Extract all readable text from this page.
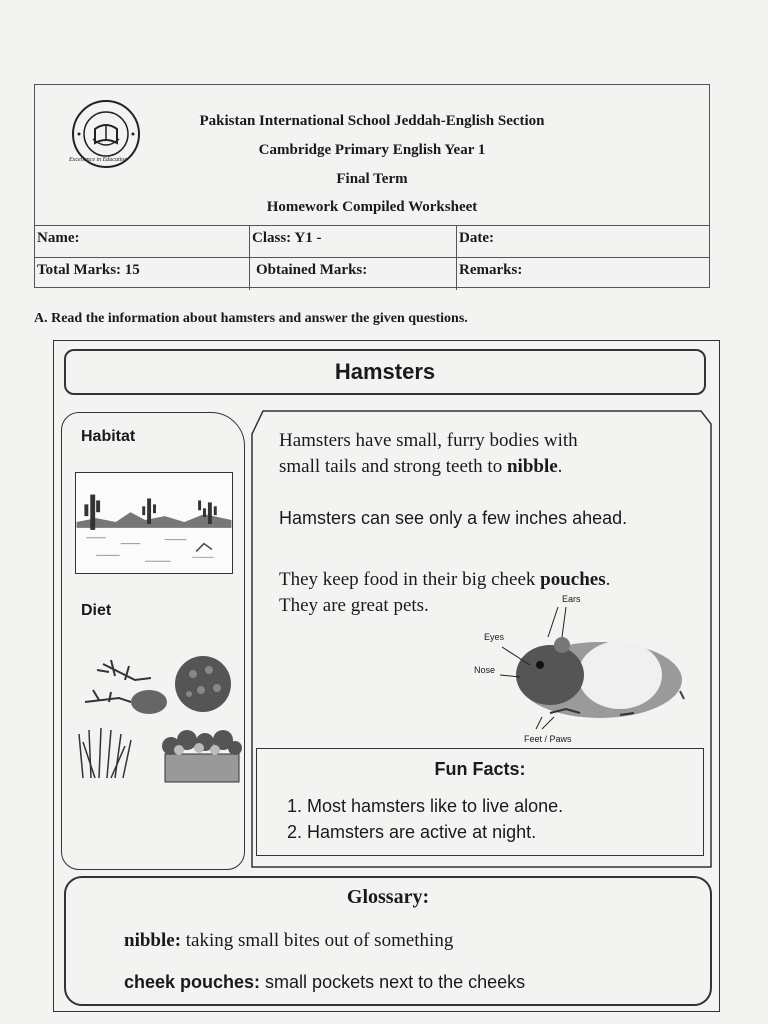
Excellence in Education
Pakistan International School Jeddah-English Section
Cambridge Primary English Year 1
Final Term
Homework Compiled Worksheet
Name:	Class: Y1 -	Date:
Total Marks: 15	Obtained Marks:	Remarks:
A. Read the information about hamsters and answer the given questions.
Hamsters
Habitat
Diet
Hamsters have small, furry bodies with
small tails and strong teeth to nibble.
Hamsters can see only a few inches ahead.
They keep food in their big cheek pouches.
They are great pets.	Ears
Eyes
Nose
Feet / Paws
Fun Facts:
1. Most hamsters like to live alone.
2. Hamsters are active at night.
Glossary:
nibble: taking small bites out of something
cheek pouches: small pockets next to the cheeks
